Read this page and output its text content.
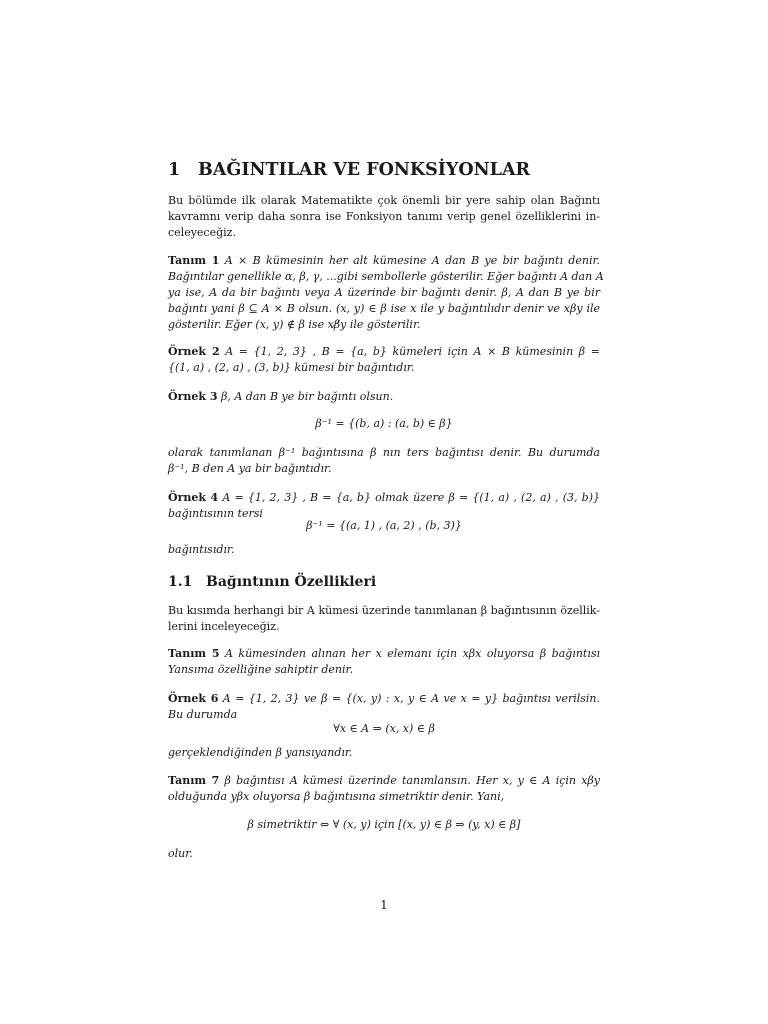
1 BAĞINTILAR VE FONKSİYONLAR
Bu bölümde ilk olarak Matematikte çok önemli bir yere sahip olan Bağıntı
kavramnı verip daha sonra ise Fonksiyon tanımı verip genel özelliklerini in-
celeyeceğiz.
Tanım 1 A × B kümesinin her alt kümesine A dan B ye bir bağıntı denir.
Bağıntılar genellikle α, β, γ, ...gibi sembollerle gösterilir. Eğer bağıntı A dan A
ya ise, A da bir bağıntı veya A üzerinde bir bağıntı denir. β, A dan B ye bir
bağıntı yani β ⊆ A × B olsun. (x, y) ∈ β ise x ile y bağıntılıdır denir ve xβy ile
gösterilir. Eğer (x, y) ∉ β ise xβ̸y ile gösterilir.
Örnek 2 A = {1, 2, 3} , B = {a, b} kümeleri için A × B kümesinin β =
{(1, a) , (2, a) , (3, b)} kümesi bir bağıntıdır.
Örnek 3 β, A dan B ye bir bağıntı olsun.
β⁻¹ = {(b, a) : (a, b) ∈ β}
olarak tanımlanan β⁻¹ bağıntısına β nın ters bağıntısı denir. Bu durumda
β⁻¹, B den A ya bir bağıntıdır.
Örnek 4 A = {1, 2, 3} , B = {a, b} olmak üzere β = {(1, a) , (2, a) , (3, b)}
bağıntısının tersi
β⁻¹ = {(a, 1) , (a, 2) , (b, 3)}
bağıntısıdır.
1.1 Bağıntının Özellikleri
Bu kısımda herhangi bir A kümesi üzerinde tanımlanan β bağıntısının özellik-
lerini inceleyeceğiz.
Tanım 5 A kümesinden alınan her x elemanı için xβx oluyorsa β bağıntısı
Yansıma özelliğine sahiptir denir.
Örnek 6 A = {1, 2, 3} ve β = {(x, y) : x, y ∈ A ve x = y} bağıntısı verilsin.
Bu durumda
∀x ∈ A ⇒ (x, x) ∈ β
gerçeklendiğinden β yansıyandır.
Tanım 7 β bağıntısı A kümesi üzerinde tanımlansın. Her x, y ∈ A için xβy
olduğunda yβx oluyorsa β bağıntısına simetriktir denir. Yani,
β simetriktir ⇔ ∀ (x, y) için [(x, y) ∈ β ⇒ (y, x) ∈ β]
olur.
1
